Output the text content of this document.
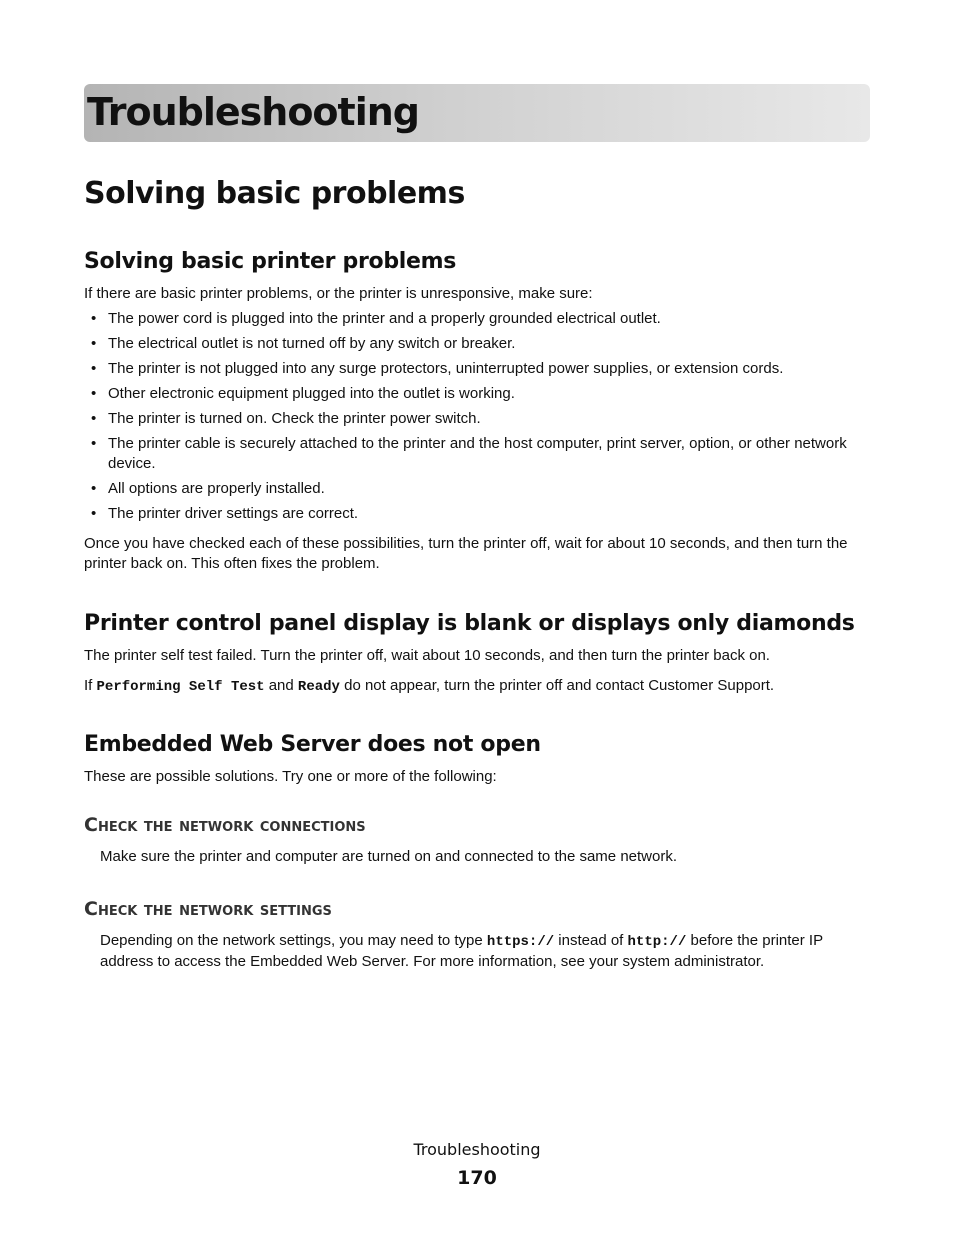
Troubleshooting
Solving basic problems
Solving basic printer problems

If there are basic printer problems, or the printer is unresponsive, make sure:

• The power cord is plugged into the printer and a properly grounded electrical outlet.
• The electrical outlet is not turned off by any switch or breaker.
• The printer is not plugged into any surge protectors, uninterrupted power supplies, or extension cords.
• Other electronic equipment plugged into the outlet is working.
• The printer is turned on. Check the printer power switch.
• The printer cable is securely attached to the printer and the host computer, print server, option, or other network device.
• All options are properly installed.
• The printer driver settings are correct.

Once you have checked each of these possibilities, turn the printer off, wait for about 10 seconds, and then turn the printer back on. This often fixes the problem.

Printer control panel display is blank or displays only diamonds

The printer self test failed. Turn the printer off, wait about 10 seconds, and then turn the printer back on.

If Performing Self Test and Ready do not appear, turn the printer off and contact Customer Support.

Embedded Web Server does not open

These are possible solutions. Try one or more of the following:

Check the network connections

Make sure the printer and computer are turned on and connected to the same network.

Check the network settings

Depending on the network settings, you may need to type https:// instead of http:// before the printer IP address to access the Embedded Web Server. For more information, see your system administrator.

Troubleshooting
170
